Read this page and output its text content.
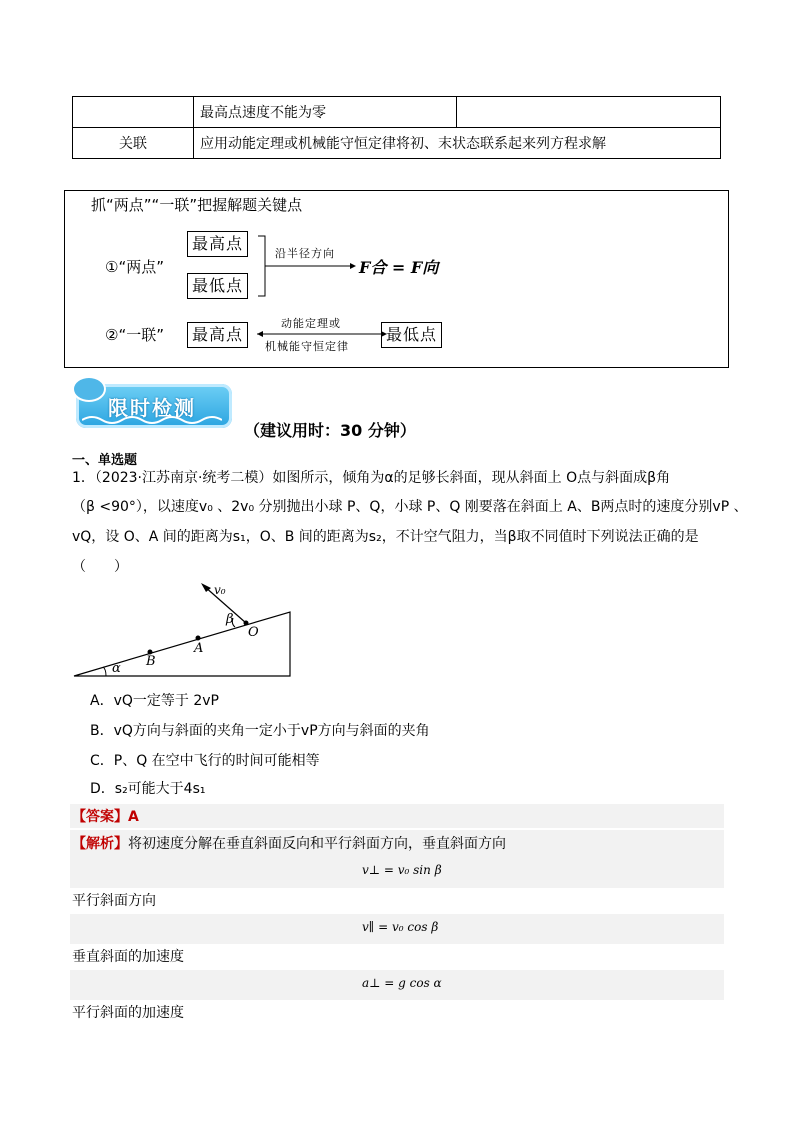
	最高点速度不能为零	
关联	应用动能定理或机械能守恒定律将初、末状态联系起来列方程求解	
抓“两点”“一联”把握解题关键点
①“两点”
最高点
最低点
沿半径方向
F合 = F向
②“一联”	最高点
动能定理或
机械能守恒定律
最低点
限时检测
（建议用时：30 分钟）
一、单选题
1．（2023·江苏南京·统考二模）如图所示，倾角为α的足够长斜面，现从斜面上 O点与斜面成β角
（β <90°），以速度v₀ 、2v₀ 分别抛出小球 P、Q，小球 P、Q 刚要落在斜面上 A、B两点时的速度分别vP 、
vQ，设 O、A 间的距离为s₁，O、B 间的距离为s₂，不计空气阻力，当β取不同值时下列说法正确的是
（　　）
v₀
β
O
A
B
α
A．vQ一定等于 2vP
B．vQ方向与斜面的夹角一定小于vP方向与斜面的夹角
C．P、Q 在空中飞行的时间可能相等
D．s₂可能大于4s₁
【答案】A
【解析】将初速度分解在垂直斜面反向和平行斜面方向，垂直斜面方向
v⊥ = v₀ sin β
平行斜面方向
v∥ = v₀ cos β
垂直斜面的加速度
a⊥ = g cos α
平行斜面的加速度
